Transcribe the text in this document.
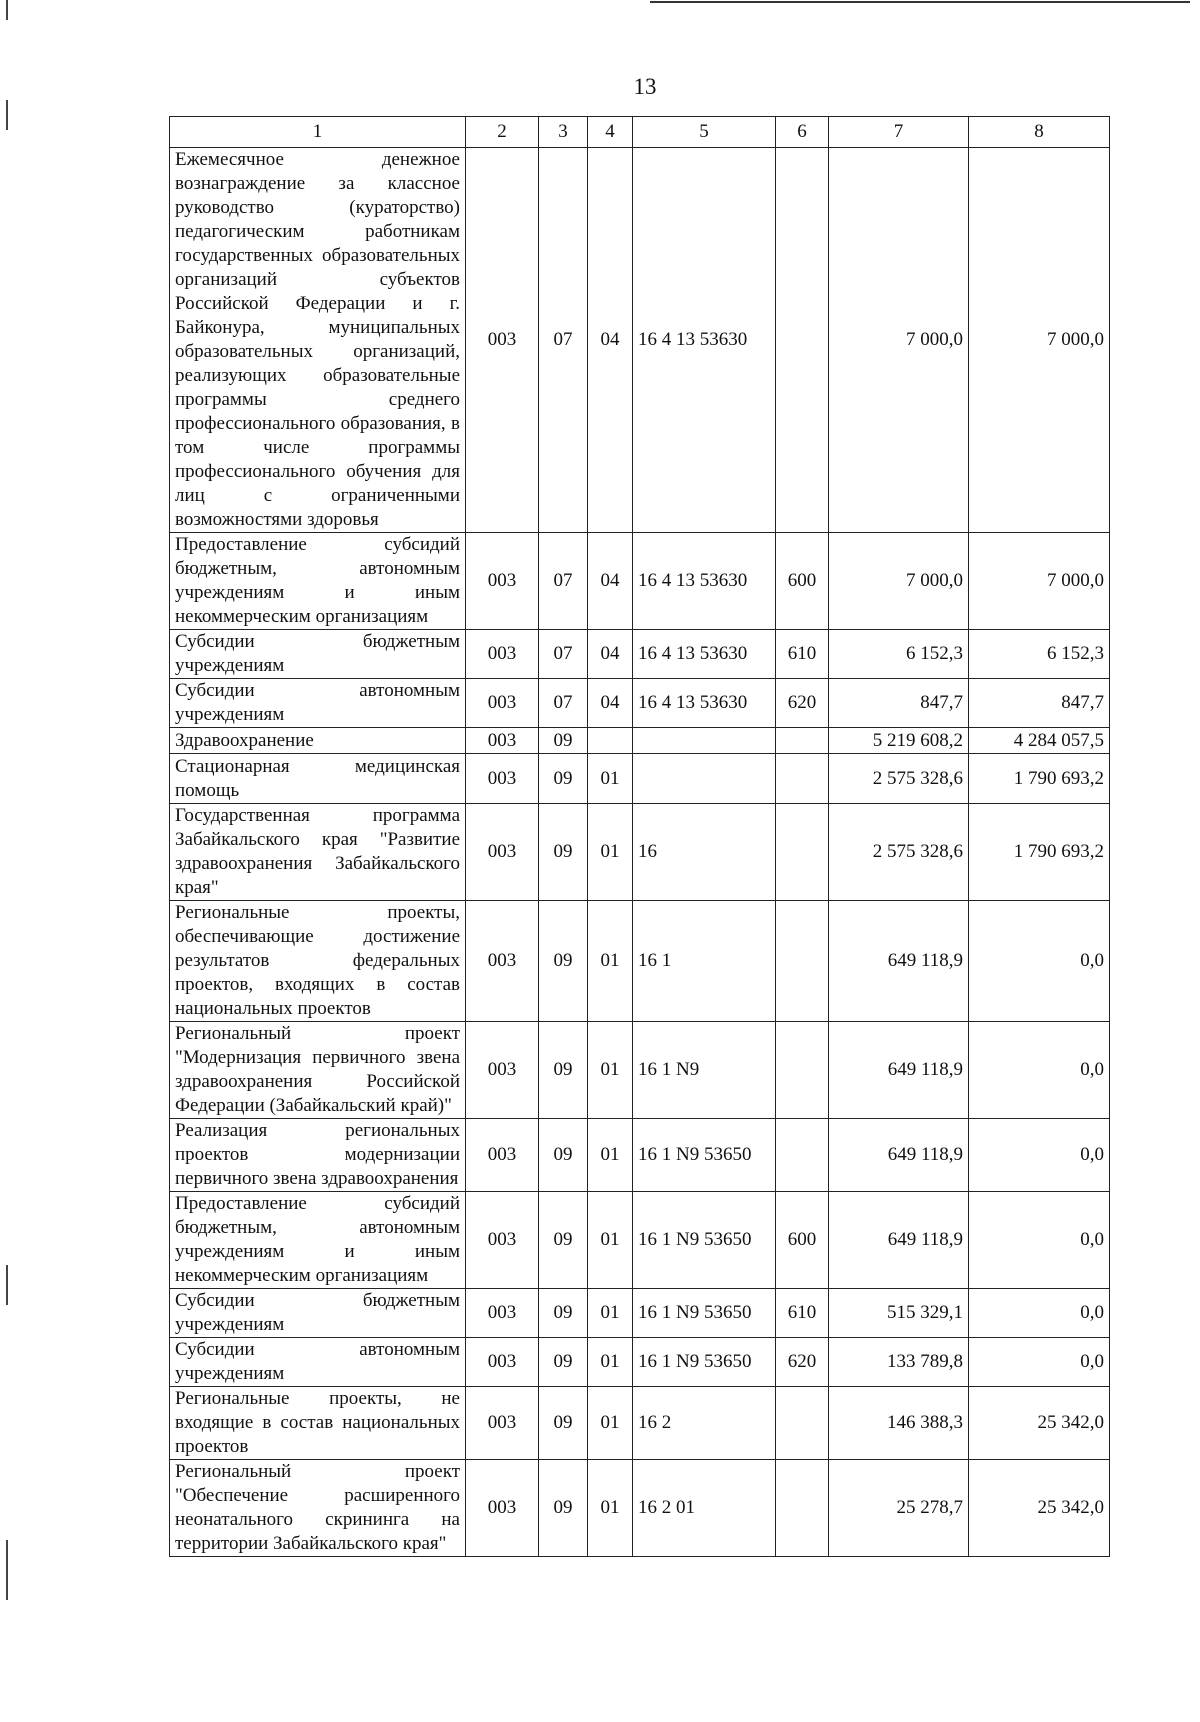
13
1	2	3	4	5	6	7	8
Ежемесячное денежное вознаграждение за классное руководство (кураторство) педагогическим работникам государственных образовательных организаций субъектов Российской Федерации и г. Байконура, муниципальных образовательных организаций, реализующих образовательные программы среднего профессионального образования, в том числе программы профессионального обучения для лиц с ограниченными возможностями здоровья	003	07	04	16 4 13 53630		7 000,0	7 000,0
Предоставление субсидий бюджетным, автономным учреждениям и иным некоммерческим организациям	003	07	04	16 4 13 53630	600	7 000,0	7 000,0
Субсидии бюджетным учреждениям	003	07	04	16 4 13 53630	610	6 152,3	6 152,3
Субсидии автономным учреждениям	003	07	04	16 4 13 53630	620	847,7	847,7
Здравоохранение	003	09				5 219 608,2	4 284 057,5
Стационарная медицинская помощь	003	09	01			2 575 328,6	1 790 693,2
Государственная программа Забайкальского края "Развитие здравоохранения Забайкальского края"	003	09	01	16		2 575 328,6	1 790 693,2
Региональные проекты, обеспечивающие достижение результатов федеральных проектов, входящих в состав национальных проектов	003	09	01	16 1		649 118,9	0,0
Региональный проект "Модернизация первичного звена здравоохранения Российской Федерации (Забайкальский край)"	003	09	01	16 1 N9		649 118,9	0,0
Реализация региональных проектов модернизации первичного звена здравоохранения	003	09	01	16 1 N9 53650		649 118,9	0,0
Предоставление субсидий бюджетным, автономным учреждениям и иным некоммерческим организациям	003	09	01	16 1 N9 53650	600	649 118,9	0,0
Субсидии бюджетным учреждениям	003	09	01	16 1 N9 53650	610	515 329,1	0,0
Субсидии автономным учреждениям	003	09	01	16 1 N9 53650	620	133 789,8	0,0
Региональные проекты, не входящие в состав национальных проектов	003	09	01	16 2		146 388,3	25 342,0
Региональный проект "Обеспечение расширенного неонатального скрининга на территории Забайкальского края"	003	09	01	16 2 01		25 278,7	25 342,0
